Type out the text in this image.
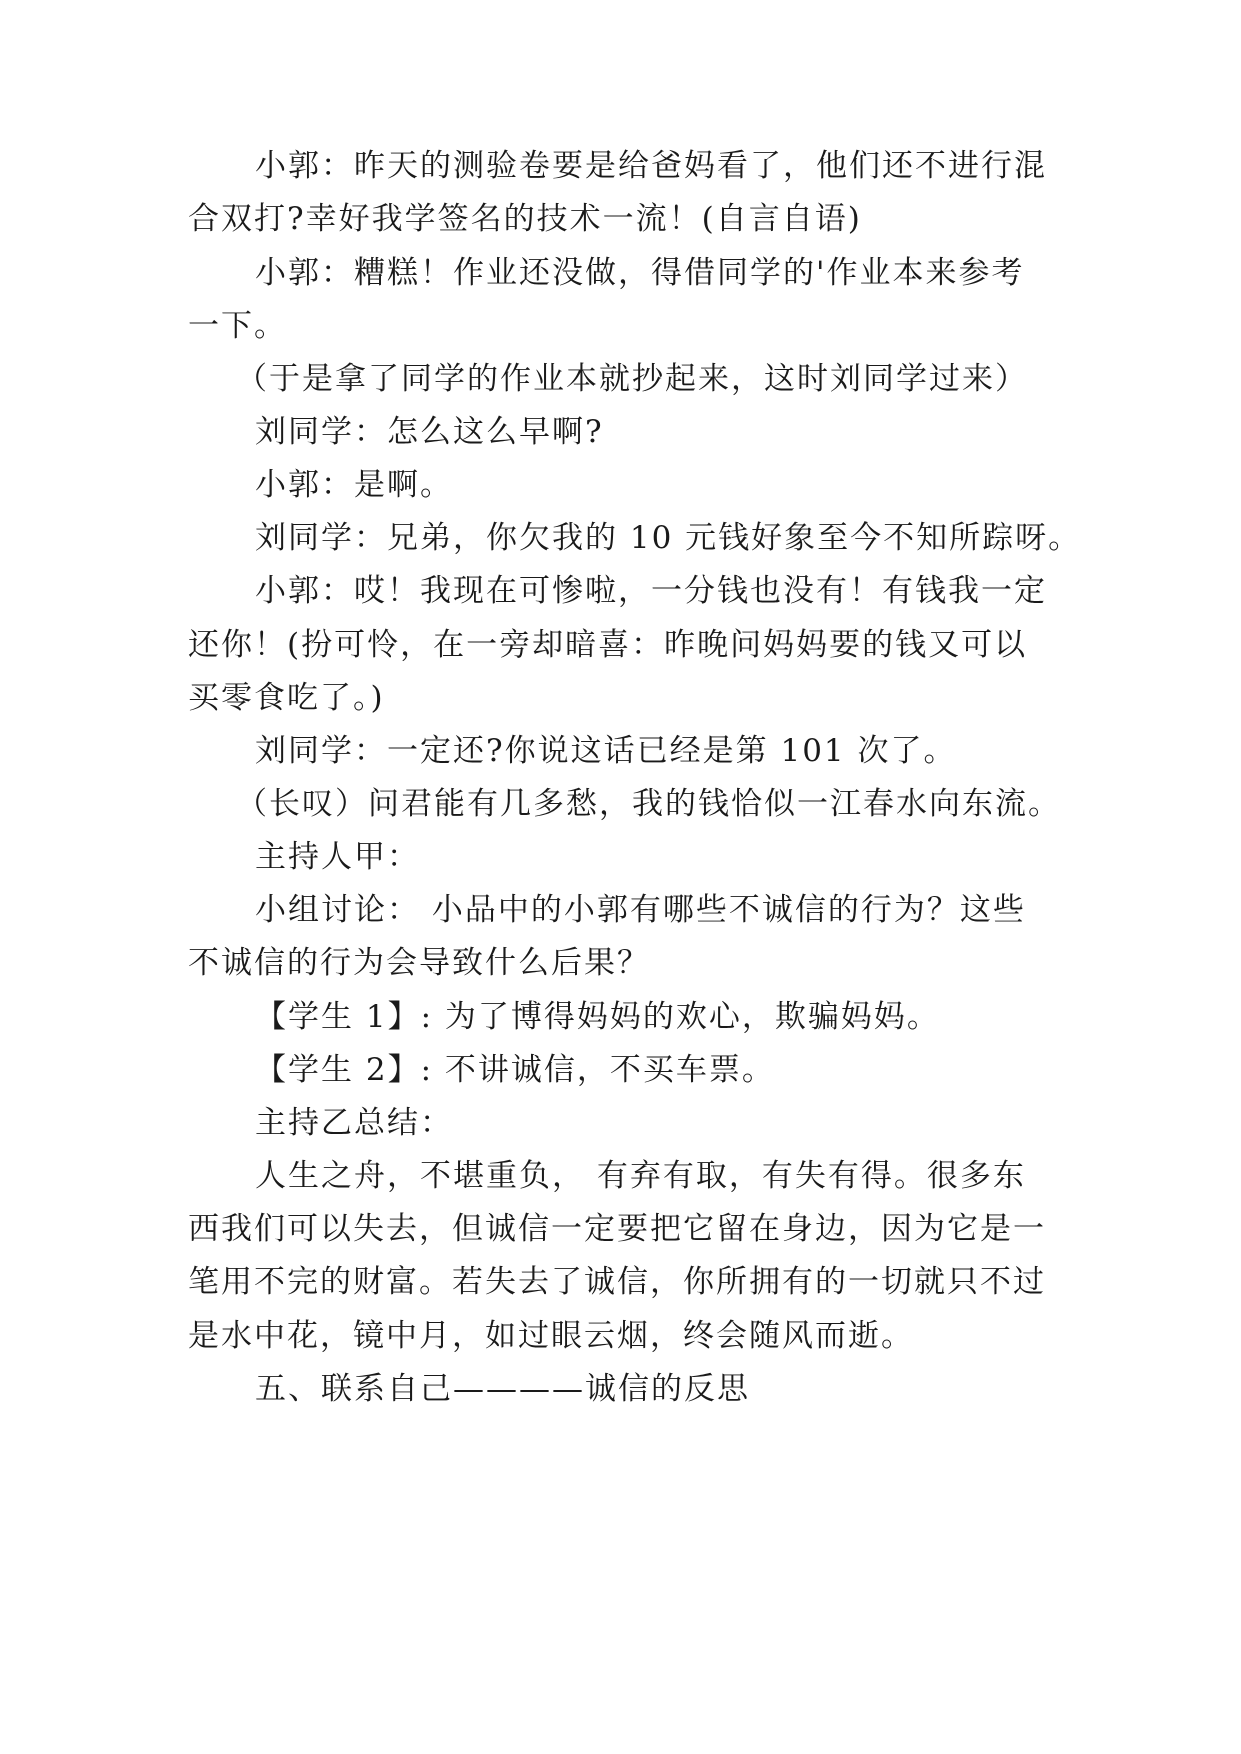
小郭：昨天的测验卷要是给爸妈看了，他们还不进行混
合双打?幸好我学签名的技术一流！(自言自语)
小郭：糟糕！作业还没做，得借同学的'作业本来参考
一下。
（于是拿了同学的作业本就抄起来，这时刘同学过来）
刘同学：怎么这么早啊?
小郭：是啊。
刘同学：兄弟，你欠我的 10 元钱好象至今不知所踪呀。
小郭：哎！我现在可惨啦，一分钱也没有！有钱我一定
还你！(扮可怜，在一旁却暗喜：昨晚问妈妈要的钱又可以
买零食吃了。)
刘同学：一定还?你说这话已经是第 101 次了。
（长叹）问君能有几多愁，我的钱恰似一江春水向东流。
主持人甲：
小组讨论： 小品中的小郭有哪些不诚信的行为？这些
不诚信的行为会导致什么后果？
【学生 1】: 为了博得妈妈的欢心，欺骗妈妈。
【学生 2】: 不讲诚信，不买车票。
主持乙总结：
人生之舟，不堪重负， 有弃有取，有失有得。很多东
西我们可以失去，但诚信一定要把它留在身边，因为它是一
笔用不完的财富。若失去了诚信，你所拥有的一切就只不过
是水中花，镜中月，如过眼云烟，终会随风而逝。
五、联系自己————诚信的反思
